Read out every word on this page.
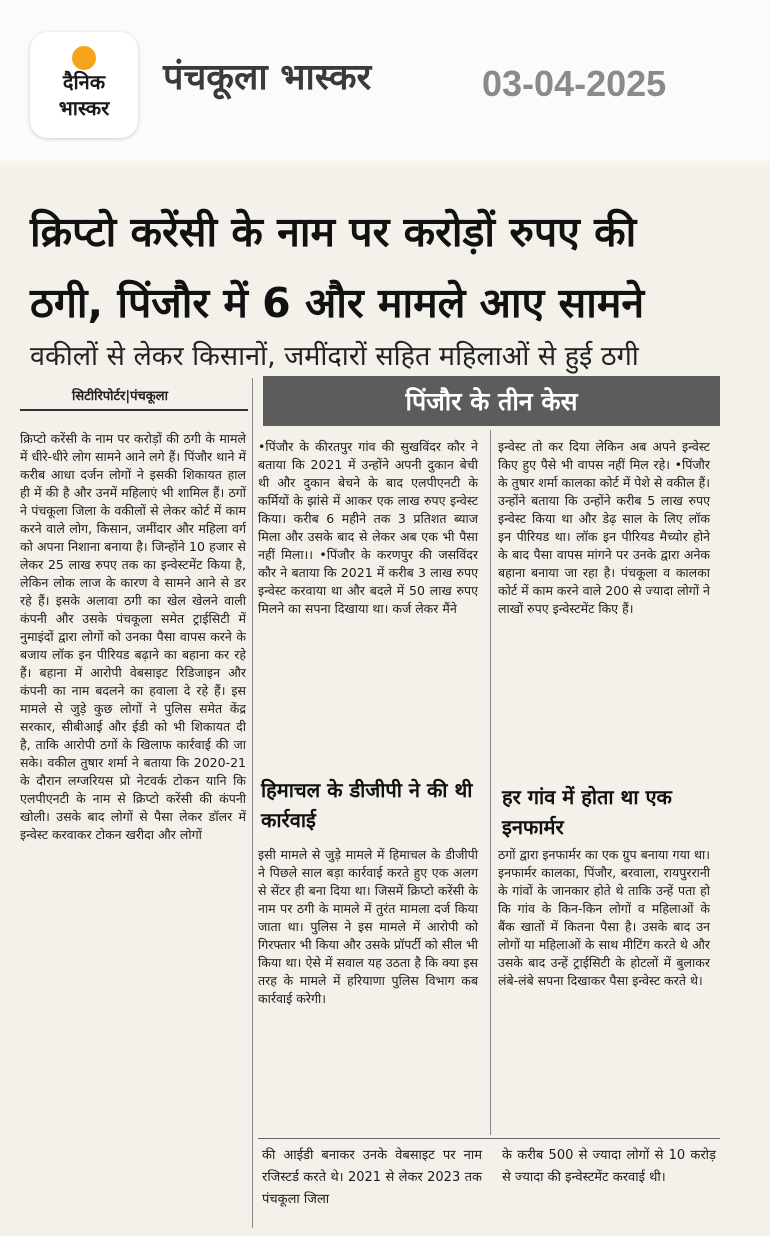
दैनिक
भास्कर
पंचकूला भास्कर	03-04-2025
क्रिप्टो करेंसी के नाम पर करोड़ों रुपए की
ठगी, पिंजौर में 6 और मामले आए सामने
वकीलों से लेकर किसानों, जमींदारों सहित महिलाओं से हुई ठगी
सिटीरिपोर्टर|पंचकूला	पिंजौर के तीन केस
क्रिप्टो करेंसी के नाम पर करोड़ों की ठगी के मामले में धीरे-धीरे लोग सामने आने लगे हैं। पिंजौर थाने में करीब आधा दर्जन लोगों ने इसकी शिकायत हाल ही में की है और उनमें महिलाएं भी शामिल हैं। ठगों ने पंचकूला जिला के वकीलों से लेकर कोर्ट में काम करने वाले लोग, किसान, जमींदार और महिला वर्ग को अपना निशाना बनाया है। जिन्होंने 10 हजार से लेकर 25 लाख रुपए तक का इन्वेस्टमेंट किया है, लेकिन लोक लाज के कारण वे सामने आने से डर रहे हैं। इसके अलावा ठगी का खेल खेलने वाली कंपनी और उसके पंचकूला समेत ट्राईसिटी में नुमाइंदों द्वारा लोगों को उनका पैसा वापस करने के बजाय लॉक इन पीरियड बढ़ाने का बहाना कर रहे हैं। बहाना में आरोपी वेबसाइट रिडिजाइन और कंपनी का नाम बदलने का हवाला दे रहे हैं। इस मामले से जुड़े कुछ लोगों ने पुलिस समेत केंद्र सरकार, सीबीआई और ईडी को भी शिकायत दी है, ताकि आरोपी ठगों के खिलाफ कार्रवाई की जा सके। वकील तुषार शर्मा ने बताया कि 2020-21 के दौरान लग्जरियस प्रो नेटवर्क टोकन यानि कि एलपीएनटी के नाम से क्रिप्टो करेंसी की कंपनी खोली। उसके बाद लोगों से पैसा लेकर डॉलर में इन्वेस्ट करवाकर टोकन खरीदा और लोगों
•पिंजौर के कीरतपुर गांव की सुखविंदर कौर ने बताया कि 2021 में उन्होंने अपनी दुकान बेची थी और दुकान बेचने के बाद एलपीएनटी के कर्मियों के झांसे में आकर एक लाख रुपए इन्वेस्ट किया। करीब 6 महीने तक 3 प्रतिशत ब्याज मिला और उसके बाद से लेकर अब एक भी पैसा नहीं मिला।। •पिंजौर के करणपुर की जसविंदर कौर ने बताया कि 2021 में करीब 3 लाख रुपए इन्वेस्ट करवाया था और बदले में 50 लाख रुपए मिलने का सपना दिखाया था। कर्ज लेकर मैंने
इन्वेस्ट तो कर दिया लेकिन अब अपने इन्वेस्ट किए हुए पैसे भी वापस नहीं मिल रहे। •पिंजौर के तुषार शर्मा कालका कोर्ट में पेशे से वकील हैं। उन्होंने बताया कि उन्होंने करीब 5 लाख रुपए इन्वेस्ट किया था और डेढ़ साल के लिए लॉक इन पीरियड था। लॉक इन पीरियड मैच्योर होने के बाद पैसा वापस मांगने पर उनके द्वारा अनेक बहाना बनाया जा रहा है। पंचकूला व कालका कोर्ट में काम करने वाले 200 से ज्यादा लोगों ने लाखों रुपए इन्वेस्टमेंट किए हैं।
हिमाचल के डीजीपी ने की थी कार्रवाई
हर गांव में होता था एक इनफार्मर
इसी मामले से जुड़े मामले में हिमाचल के डीजीपी ने पिछले साल बड़ा कार्रवाई करते हुए एक अलग से सेंटर ही बना दिया था। जिसमें क्रिप्टो करेंसी के नाम पर ठगी के मामले में तुरंत मामला दर्ज किया जाता था। पुलिस ने इस मामले में आरोपी को गिरफ्तार भी किया और उसके प्रॉपर्टी को सील भी किया था। ऐसे में सवाल यह उठता है कि क्या इस तरह के मामले में हरियाणा पुलिस विभाग कब कार्रवाई करेगी।
ठगों द्वारा इनफार्मर का एक ग्रुप बनाया गया था। इनफार्मर कालका, पिंजौर, बरवाला, रायपुररानी के गांवों के जानकार होते थे ताकि उन्हें पता हो कि गांव के किन-किन लोगों व महिलाओं के बैंक खातों में कितना पैसा है। उसके बाद उन लोगों या महिलाओं के साथ मीटिंग करते थे और उसके बाद उन्हें ट्राईसिटी के होटलों में बुलाकर लंबे-लंबे सपना दिखाकर पैसा इन्वेस्ट करते थे।
की आईडी बनाकर उनके वेबसाइट पर नाम रजिस्टर्ड करते थे। 2021 से लेकर 2023 तक पंचकूला जिला
के करीब 500 से ज्यादा लोगों से 10 करोड़ से ज्यादा की इन्वेस्टमेंट करवाई थी।
